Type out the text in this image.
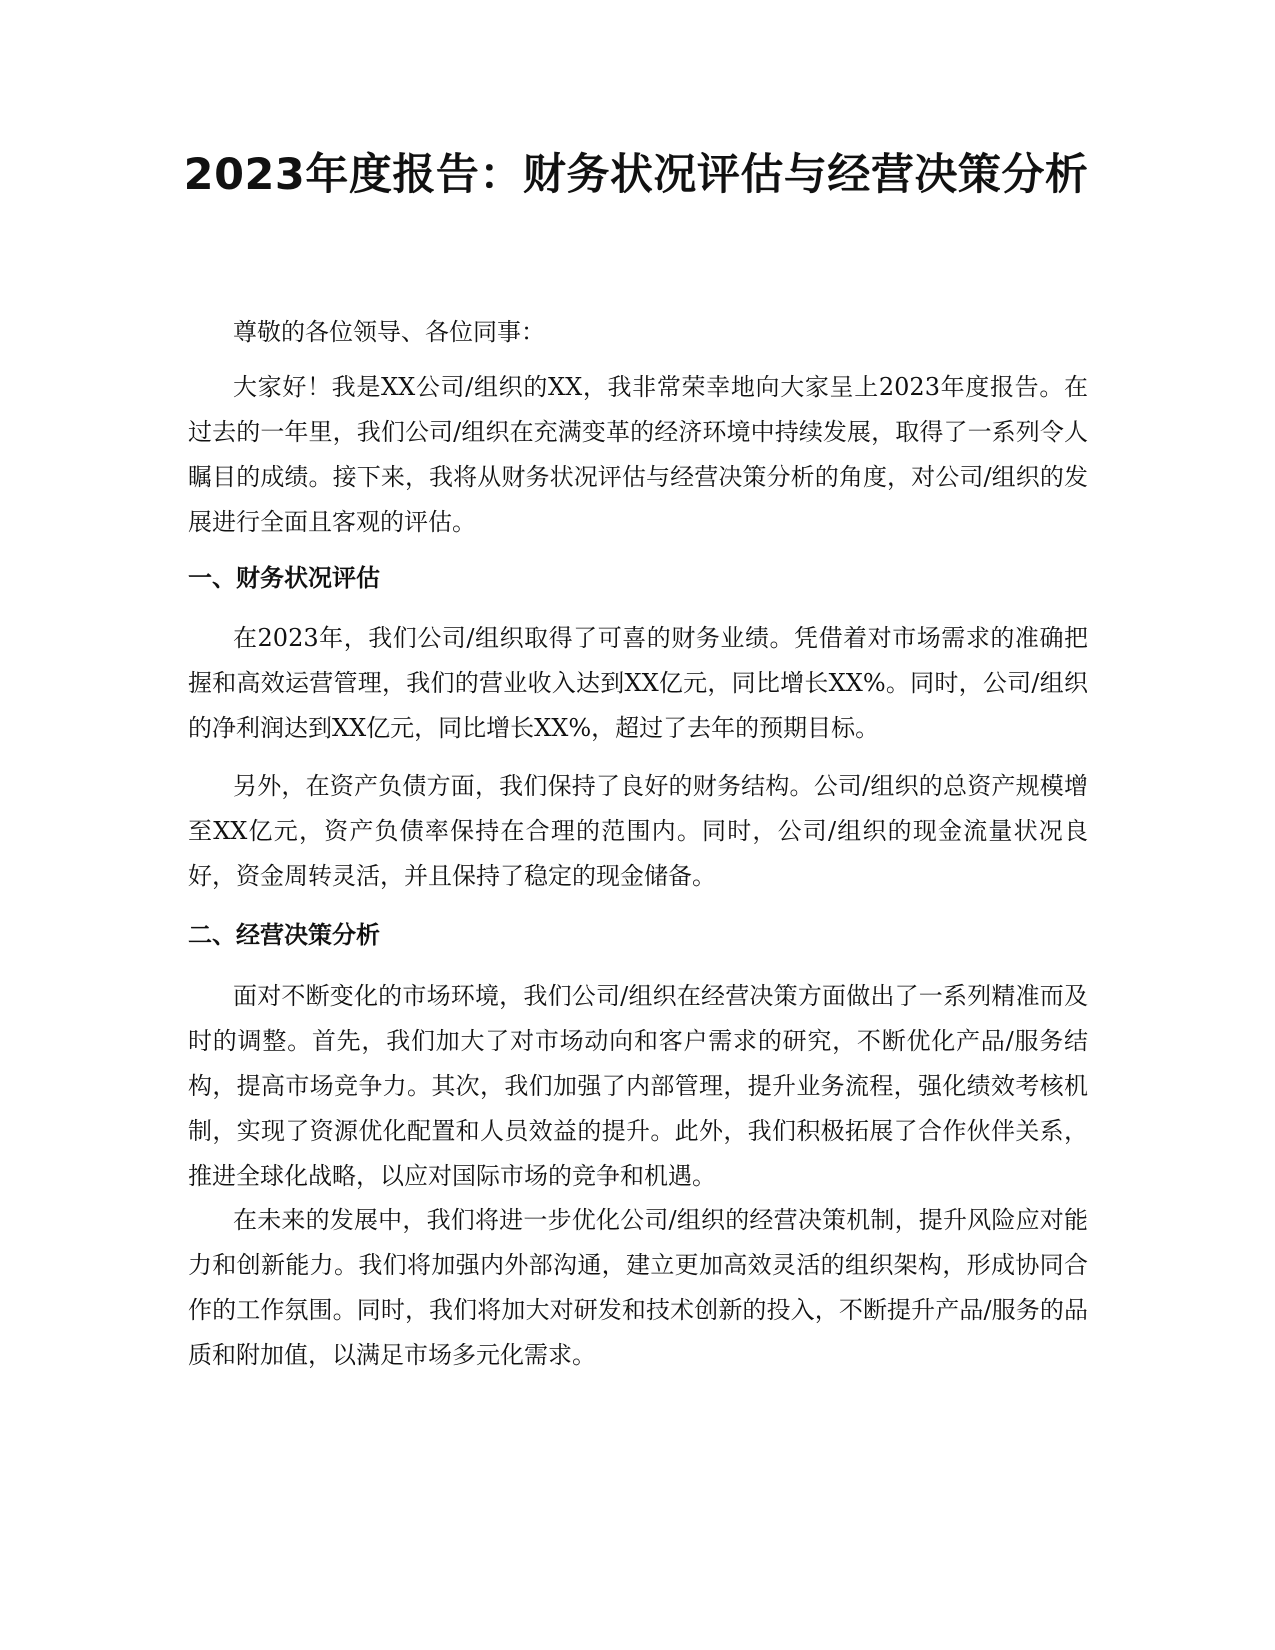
2023年度报告：财务状况评估与经营决策分析

尊敬的各位领导、各位同事：

大家好！我是XX公司/组织的XX，我非常荣幸地向大家呈上2023年度报告。在过去的一年里，我们公司/组织在充满变革的经济环境中持续发展，取得了一系列令人瞩目的成绩。接下来，我将从财务状况评估与经营决策分析的角度，对公司/组织的发展进行全面且客观的评估。

一、财务状况评估

在2023年，我们公司/组织取得了可喜的财务业绩。凭借着对市场需求的准确把握和高效运营管理，我们的营业收入达到XX亿元，同比增长XX%。同时，公司/组织的净利润达到XX亿元，同比增长XX%，超过了去年的预期目标。

另外，在资产负债方面，我们保持了良好的财务结构。公司/组织的总资产规模增至XX亿元，资产负债率保持在合理的范围内。同时，公司/组织的现金流量状况良好，资金周转灵活，并且保持了稳定的现金储备。

二、经营决策分析

面对不断变化的市场环境，我们公司/组织在经营决策方面做出了一系列精准而及时的调整。首先，我们加大了对市场动向和客户需求的研究，不断优化产品/服务结构，提高市场竞争力。其次，我们加强了内部管理，提升业务流程，强化绩效考核机制，实现了资源优化配置和人员效益的提升。此外，我们积极拓展了合作伙伴关系，推进全球化战略，以应对国际市场的竞争和机遇。

在未来的发展中，我们将进一步优化公司/组织的经营决策机制，提升风险应对能力和创新能力。我们将加强内外部沟通，建立更加高效灵活的组织架构，形成协同合作的工作氛围。同时，我们将加大对研发和技术创新的投入，不断提升产品/服务的品质和附加值，以满足市场多元化需求。
